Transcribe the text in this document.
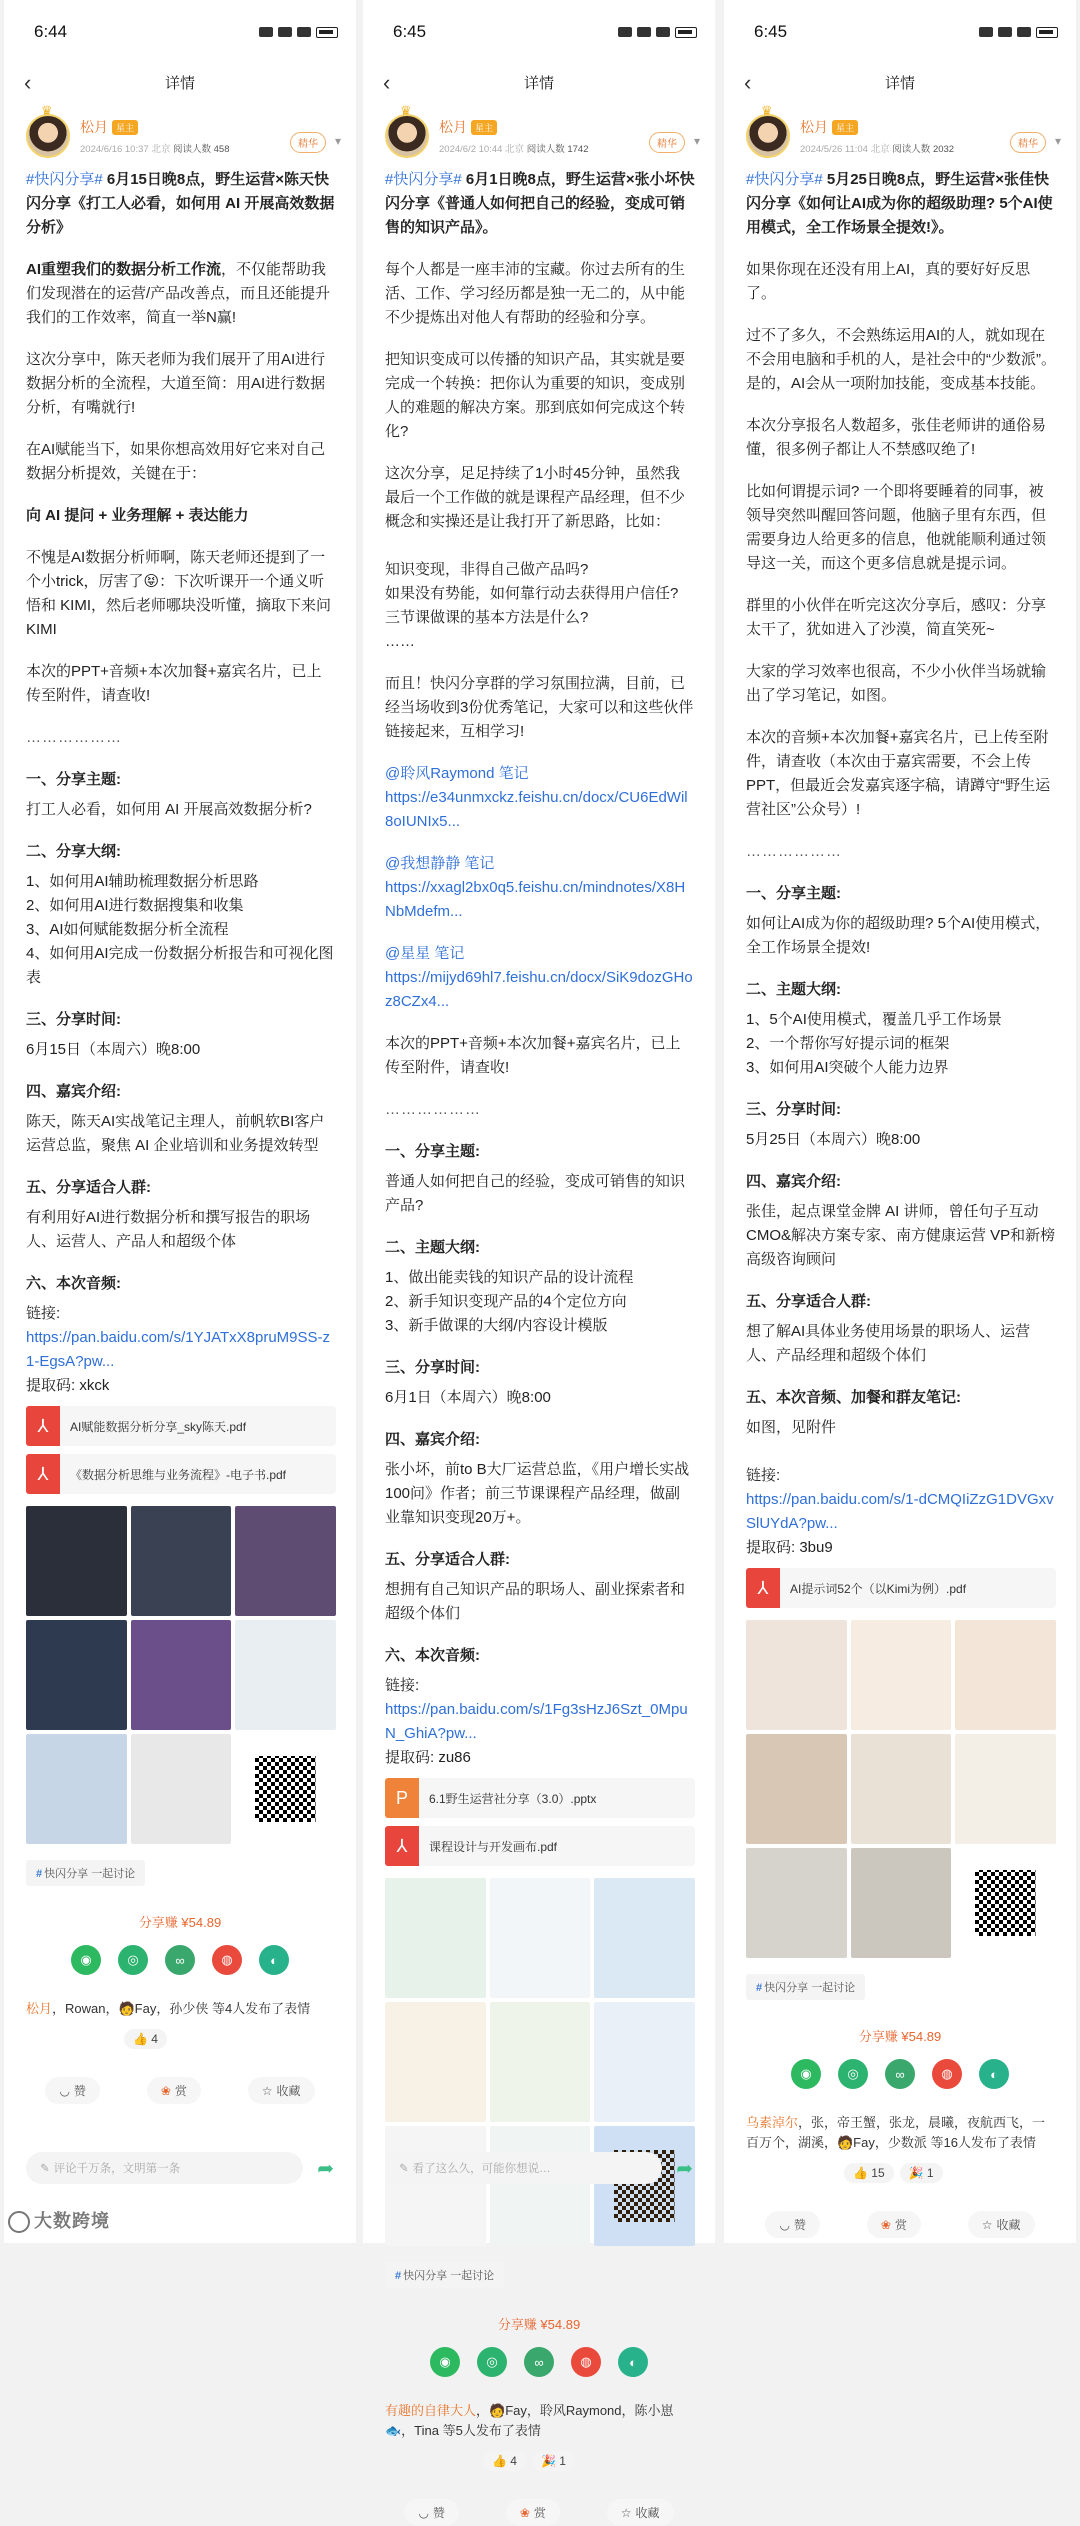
6:44
‹	详情
♛
松月 星主
2024/6/16 10:37 北京 阅读人数 458	精华 ▾

#快闪分享# 6月15日晚8点，野生运营×陈天快闪分享《打工人必看，如何用 AI 开展高效数据分析》

AI重塑我们的数据分析工作流，不仅能帮助我们发现潜在的运营/产品改善点，而且还能提升我们的工作效率，简直一举N赢!

这次分享中，陈天老师为我们展开了用AI进行数据分析的全流程，大道至简：用AI进行数据分析，有嘴就行!

在AI赋能当下，如果你想高效用好它来对自己数据分析提效，关键在于：

向 AI 提问 + 业务理解 + 表达能力

不愧是AI数据分析师啊，陈天老师还提到了一个小trick，厉害了😝：下次听课开一个通义听悟和 KIMI，然后老师哪块没听懂，摘取下来问 KIMI

本次的PPT+音频+本次加餐+嘉宾名片，已上传至附件，请查收!

………………

一、分享主题:
打工人必看，如何用 AI 开展高效数据分析?

二、分享大纲:
1、如何用AI辅助梳理数据分析思路
2、如何用AI进行数据搜集和收集
3、AI如何赋能数据分析全流程
4、如何用AI完成一份数据分析报告和可视化图表

三、分享时间:
6月15日（本周六）晚8:00

四、嘉宾介绍:
陈天，陈天AI实战笔记主理人，前帆软BI客户运营总监，聚焦 AI 企业培训和业务提效转型

五、分享适合人群:
有利用好AI进行数据分析和撰写报告的职场人、运营人、产品人和超级个体

六、本次音频:
链接:
https://pan.baidu.com/s/1YJATxX8pruM9SS-z1-EgsA?pw...
提取码: xkck

⅄	AI赋能数据分析分享_sky陈天.pdf
⅄	《数据分析思维与业务流程》-电子书.pdf
# 快闪分享 一起讨论
分享赚 ¥54.89
◉	◎	∞	◍	◐
松月，Rowan，🧑Fay，孙少侠 等4人发布了表情
👍 4
◡ 赞	❀ 赏	☆ 收藏
✎ 评论千万条，文明第一条	➦
6:45
‹	详情
♛
松月 星主
2024/6/2 10:44 北京 阅读人数 1742	精华 ▾

#快闪分享# 6月1日晚8点，野生运营×张小坏快闪分享《普通人如何把自己的经验，变成可销售的知识产品》。

每个人都是一座丰沛的宝藏。你过去所有的生活、工作、学习经历都是独一无二的，从中能不少提炼出对他人有帮助的经验和分享。

把知识变成可以传播的知识产品，其实就是要完成一个转换：把你认为重要的知识，变成别人的难题的解决方案。那到底如何完成这个转化?

这次分享，足足持续了1小时45分钟，虽然我最后一个工作做的就是课程产品经理，但不少概念和实操还是让我打开了新思路，比如：

知识变现，非得自己做产品吗?
如果没有势能，如何靠行动去获得用户信任?
三节课做课的基本方法是什么?
……

而且！快闪分享群的学习氛围拉满，目前，已经当场收到3份优秀笔记，大家可以和这些伙伴链接起来，互相学习!

@聆风Raymond 笔记
https://e34unmxckz.feishu.cn/docx/CU6EdWil8oIUNIx5...

@我想静静 笔记
https://xxagl2bx0q5.feishu.cn/mindnotes/X8HNbMdefm...

@星星 笔记
https://mijyd69hl7.feishu.cn/docx/SiK9dozGHoz8CZx4...

本次的PPT+音频+本次加餐+嘉宾名片，已上传至附件，请查收!

………………

一、分享主题:
普通人如何把自己的经验，变成可销售的知识产品?

二、主题大纲:
1、做出能卖钱的知识产品的设计流程
2、新手知识变现产品的4个定位方向
3、新手做课的大纲/内容设计模版

三、分享时间:
6月1日（本周六）晚8:00

四、嘉宾介绍:
张小坏，前to B大厂运营总监，《用户增长实战100问》作者；前三节课课程产品经理，做副业靠知识变现20万+。

五、分享适合人群:
想拥有自己知识产品的职场人、副业探索者和超级个体们

六、本次音频:
链接:
https://pan.baidu.com/s/1Fg3sHzJ6Szt_0MpuN_GhiA?pw...
提取码: zu86

P	6.1野生运营社分享（3.0）.pptx
⅄	课程设计与开发画布.pdf
# 快闪分享 一起讨论
分享赚 ¥54.89
◉	◎	∞	◍	◐
有趣的自律大人，🧑Fay，聆风Raymond，陈小崽🐟，Tina 等5人发布了表情
👍 4	🎉 1
◡ 赞	❀ 赏	☆ 收藏
✎ 看了这么久，可能你想说…	➦
6:45
‹	详情
♛
松月 星主
2024/5/26 11:04 北京 阅读人数 2032	精华 ▾

#快闪分享# 5月25日晚8点，野生运营×张佳快闪分享《如何让AI成为你的超级助理? 5个AI使用模式，全工作场景全提效!》。

如果你现在还没有用上AI，真的要好好反思了。

过不了多久，不会熟练运用AI的人，就如现在不会用电脑和手机的人，是社会中的“少数派”。是的，AI会从一项附加技能，变成基本技能。

本次分享报名人数超多，张佳老师讲的通俗易懂，很多例子都让人不禁感叹绝了!

比如何谓提示词? 一个即将要睡着的同事，被领导突然叫醒回答问题，他脑子里有东西，但需要身边人给更多的信息，他就能顺利通过领导这一关，而这个更多信息就是提示词。

群里的小伙伴在听完这次分享后，感叹：分享太干了，犹如进入了沙漠，简直笑死~

大家的学习效率也很高，不少小伙伴当场就输出了学习笔记，如图。

本次的音频+本次加餐+嘉宾名片，已上传至附件，请查收（本次由于嘉宾需要，不会上传PPT，但最近会发嘉宾逐字稿，请蹲守“野生运营社区”公众号）!

………………

一、分享主题:
如何让AI成为你的超级助理? 5个AI使用模式，全工作场景全提效!

二、主题大纲:
1、5个AI使用模式，覆盖几乎工作场景
2、一个帮你写好提示词的框架
3、如何用AI突破个人能力边界

三、分享时间:
5月25日（本周六）晚8:00

四、嘉宾介绍:
张佳，起点课堂金牌 AI 讲师，曾任句子互动CMO&解决方案专家、南方健康运营 VP和新榜高级咨询顾问

五、分享适合人群:
想了解AI具体业务使用场景的职场人、运营人、产品经理和超级个体们

五、本次音频、加餐和群友笔记:
如图，见附件

链接:
https://pan.baidu.com/s/1-dCMQIiZzG1DVGxvSlUYdA?pw...
提取码: 3bu9

⅄	AI提示词52个（以Kimi为例）.pdf
# 快闪分享 一起讨论
分享赚 ¥54.89
◉	◎	∞	◍	◐
乌素淖尔，张，帝王蟹，张龙，晨曦，夜航西飞，一百万个，湖溪，🧑Fay，少数派 等16人发布了表情
👍 15	🎉 1
◡ 赞	❀ 赏	☆ 收藏
大数跨境
